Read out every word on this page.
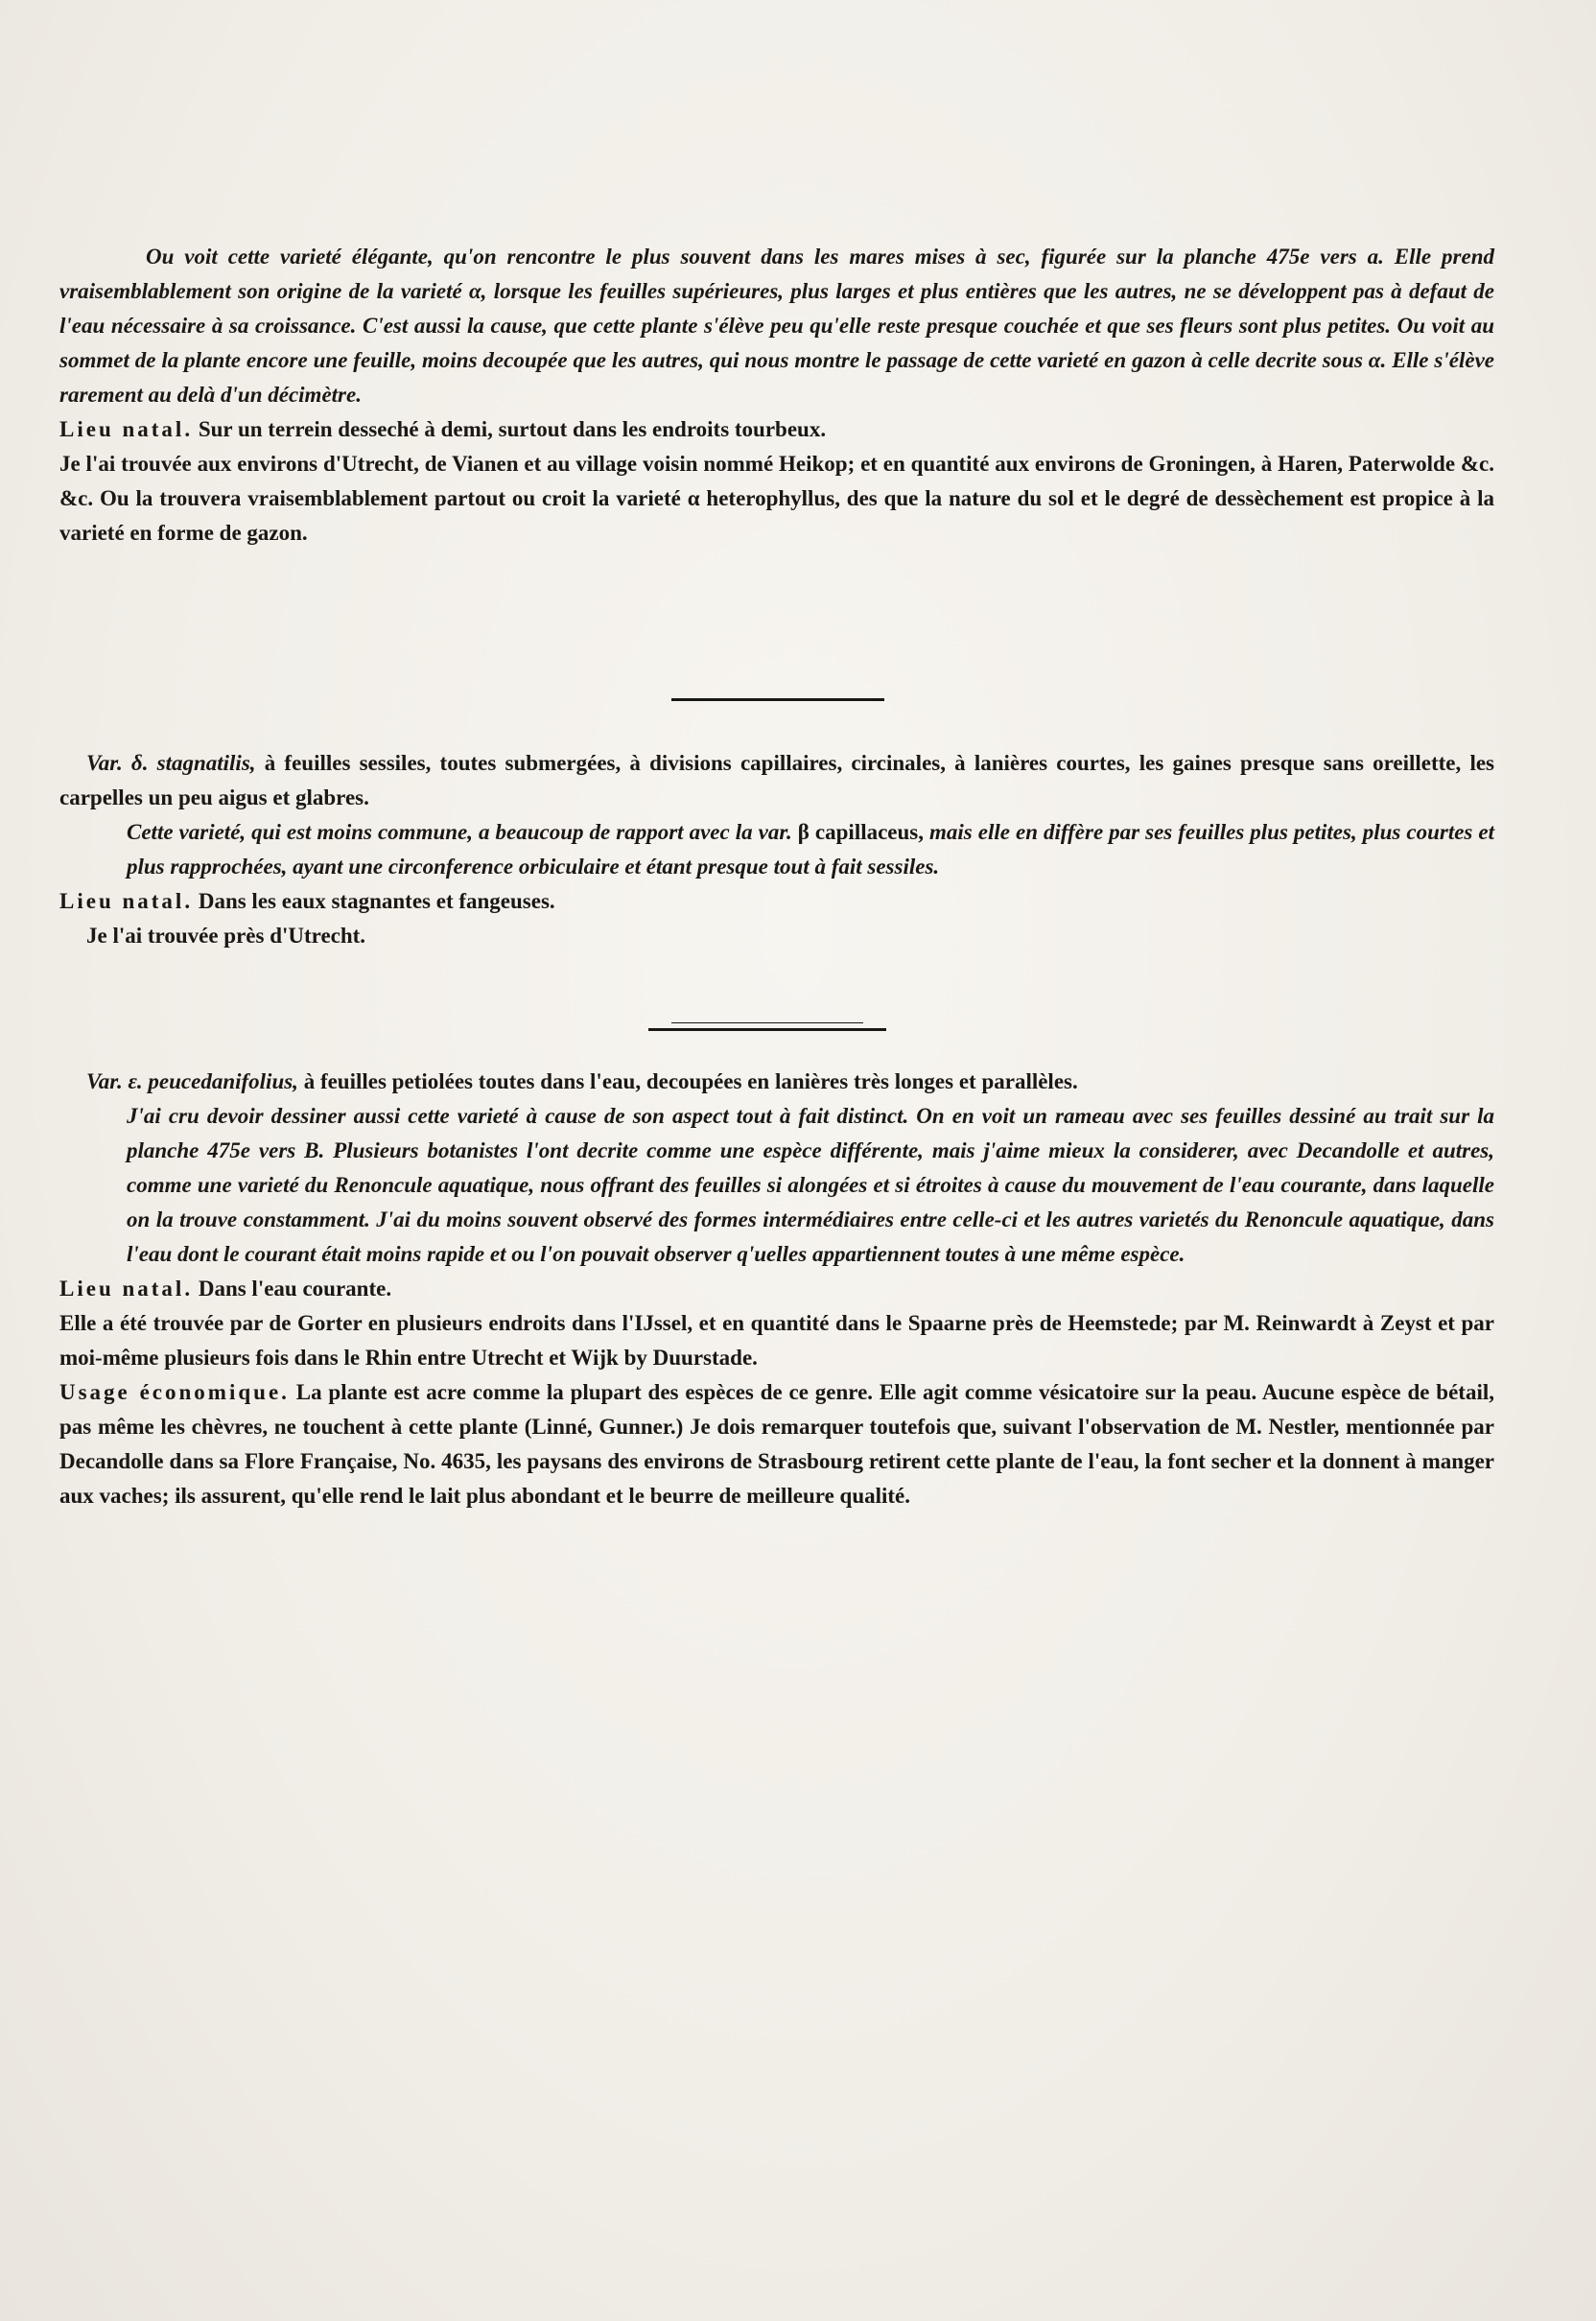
Ou voit cette varieté élégante, qu'on rencontre le plus souvent dans les mares mises à sec, figurée sur la planche 475e vers a. Elle prend vraisemblablement son origine de la varieté α, lorsque les feuilles supérieures, plus larges et plus entières que les autres, ne se développent pas à defaut de l'eau nécessaire à sa croissance. C'est aussi la cause, que cette plante s'élève peu qu'elle reste presque couchée et que ses fleurs sont plus petites. Ou voit au sommet de la plante encore une feuille, moins decoupée que les autres, qui nous montre le passage de cette varieté en gazon à celle decrite sous α. Elle s'élève rarement au delà d'un décimètre.

Lieu natal. Sur un terrein desseché à demi, surtout dans les endroits tourbeux.

Je l'ai trouvée aux environs d'Utrecht, de Vianen et au village voisin nommé Heikop; et en quantité aux environs de Groningen, à Haren, Paterwolde &c. &c. Ou la trouvera vraisemblablement partout ou croit la varieté α heterophyllus, des que la nature du sol et le degré de dessèchement est propice à la varieté en forme de gazon.

Var. δ. stagnatilis, à feuilles sessiles, toutes submergées, à divisions capillaires, circinales, à lanières courtes, les gaines presque sans oreillette, les carpelles un peu aigus et glabres.

Cette varieté, qui est moins commune, a beaucoup de rapport avec la var. β capillaceus, mais elle en diffère par ses feuilles plus petites, plus courtes et plus rapprochées, ayant une circonference orbiculaire et étant presque tout à fait sessiles.

Lieu natal. Dans les eaux stagnantes et fangeuses.

Je l'ai trouvée près d'Utrecht.

Var. ε. peucedanifolius, à feuilles petiolées toutes dans l'eau, decoupées en lanières très longes et parallèles.

J'ai cru devoir dessiner aussi cette varieté à cause de son aspect tout à fait distinct. On en voit un rameau avec ses feuilles dessiné au trait sur la planche 475e vers B. Plusieurs botanistes l'ont decrite comme une espèce différente, mais j'aime mieux la considerer, avec Decandolle et autres, comme une varieté du Renoncule aquatique, nous offrant des feuilles si alongées et si étroites à cause du mouvement de l'eau courante, dans laquelle on la trouve constamment. J'ai du moins souvent observé des formes intermédiaires entre celle-ci et les autres varietés du Renoncule aquatique, dans l'eau dont le courant était moins rapide et ou l'on pouvait observer q'uelles appartiennent toutes à une même espèce.

Lieu natal. Dans l'eau courante.

Elle a été trouvée par de Gorter en plusieurs endroits dans l'IJssel, et en quantité dans le Spaarne près de Heemstede; par M. Reinwardt à Zeyst et par moi-même plusieurs fois dans le Rhin entre Utrecht et Wijk by Duurstade.

Usage économique. La plante est acre comme la plupart des espèces de ce genre. Elle agit comme vésicatoire sur la peau. Aucune espèce de bétail, pas même les chèvres, ne touchent à cette plante (Linné, Gunner.) Je dois remarquer toutefois que, suivant l'observation de M. Nestler, mentionnée par Decandolle dans sa Flore Française, No. 4635, les paysans des environs de Strasbourg retirent cette plante de l'eau, la font secher et la donnent à manger aux vaches; ils assurent, qu'elle rend le lait plus abondant et le beurre de meilleure qualité.
